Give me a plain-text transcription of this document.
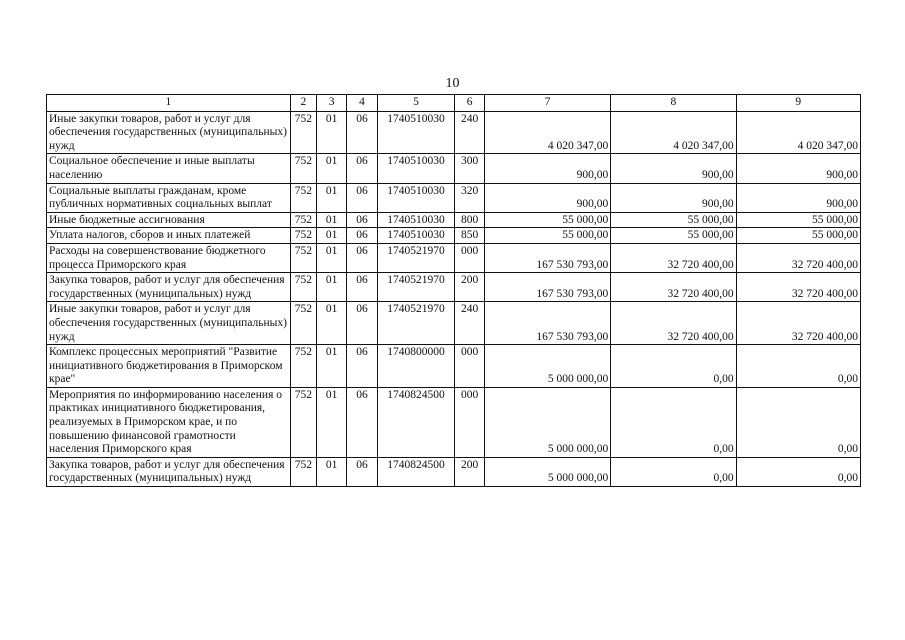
10
1	2	3	4	5	6	7	8	9
Иные закупки товаров, работ и услуг для обеспечения государственных (муниципальных) нужд	752	01	06	1740510030	240	4 020 347,00	4 020 347,00	4 020 347,00
Социальное обеспечение и иные выплаты населению	752	01	06	1740510030	300	900,00	900,00	900,00
Социальные выплаты гражданам, кроме публичных нормативных социальных выплат	752	01	06	1740510030	320	900,00	900,00	900,00
Иные бюджетные ассигнования	752	01	06	1740510030	800	55 000,00	55 000,00	55 000,00
Уплата налогов, сборов и иных платежей	752	01	06	1740510030	850	55 000,00	55 000,00	55 000,00
Расходы на совершенствование бюджетного процесса Приморского края	752	01	06	1740521970	000	167 530 793,00	32 720 400,00	32 720 400,00
Закупка товаров, работ и услуг для обеспечения государственных (муниципальных) нужд	752	01	06	1740521970	200	167 530 793,00	32 720 400,00	32 720 400,00
Иные закупки товаров, работ и услуг для обеспечения государственных (муниципальных) нужд	752	01	06	1740521970	240	167 530 793,00	32 720 400,00	32 720 400,00
Комплекс процессных мероприятий "Развитие инициативного бюджетирования в Приморском крае"	752	01	06	1740800000	000	5 000 000,00	0,00	0,00
Мероприятия по информированию населения о практиках инициативного бюджетирования, реализуемых в Приморском крае, и по повышению финансовой грамотности населения Приморского края	752	01	06	1740824500	000	5 000 000,00	0,00	0,00
Закупка товаров, работ и услуг для обеспечения государственных (муниципальных) нужд	752	01	06	1740824500	200	5 000 000,00	0,00	0,00
